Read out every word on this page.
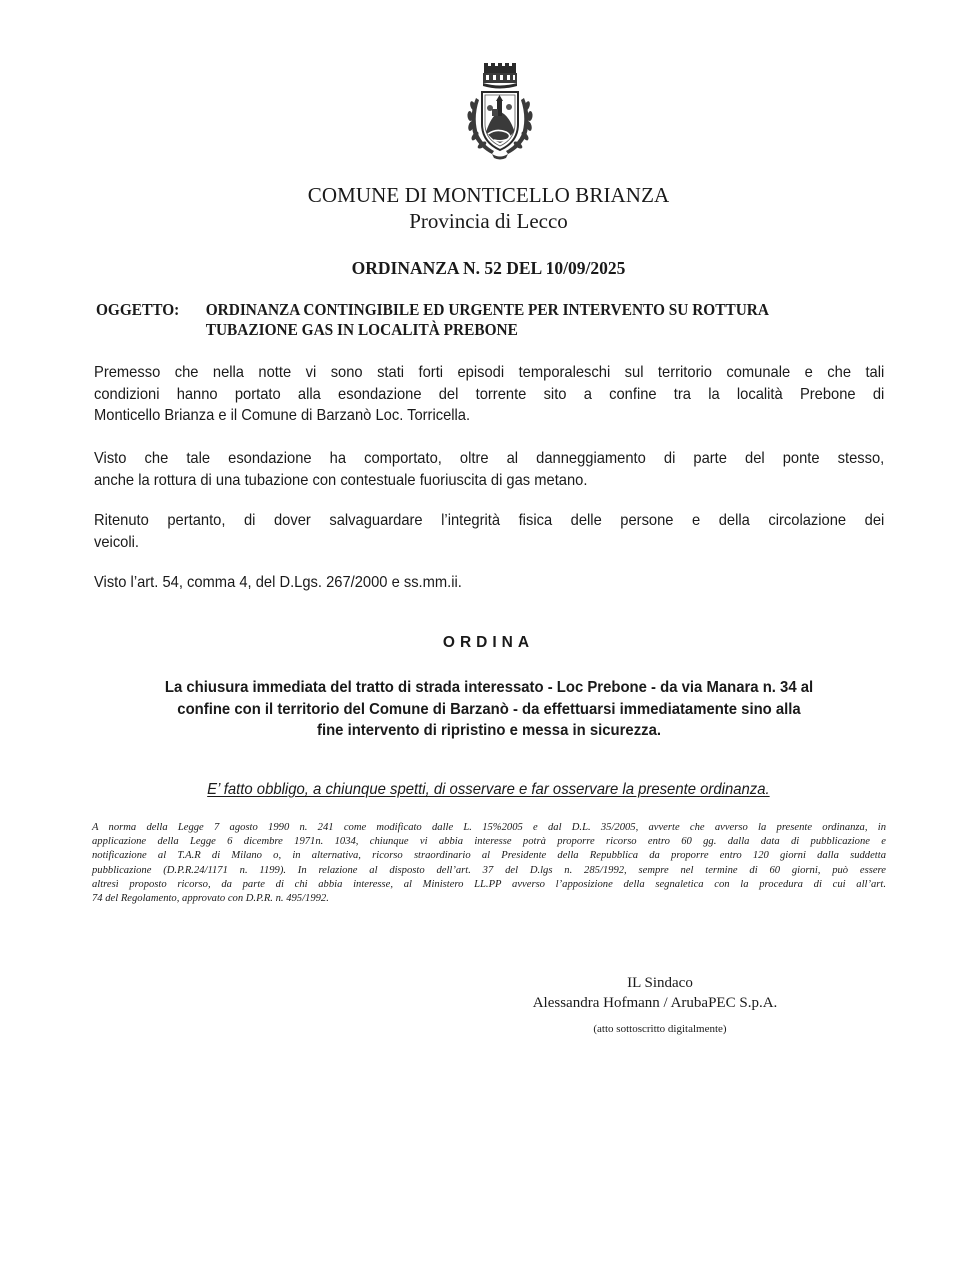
COMUNE DI MONTICELLO BRIANZA
Provincia di Lecco
ORDINANZA N. 52 DEL 10/09/2025
OGGETTO: ORDINANZA CONTINGIBILE ED URGENTE PER INTERVENTO SU ROTTURA
TUBAZIONE GAS IN LOCALITÀ PREBONE
Premesso che nella notte vi sono stati forti episodi temporaleschi sul territorio comunale e che tali
condizioni hanno portato alla esondazione del torrente sito a confine tra la località Prebone di
Monticello Brianza e il Comune di Barzanò Loc. Torricella.
Visto che tale esondazione ha comportato, oltre al danneggiamento di parte del ponte stesso,
anche la rottura di una tubazione con contestuale fuoriuscita di gas metano.
Ritenuto pertanto, di dover salvaguardare l’integrità fisica delle persone e della circolazione dei
veicoli.
Visto l’art. 54, comma 4, del D.Lgs. 267/2000 e ss.mm.ii.
ORDINA
La chiusura immediata del tratto di strada interessato - Loc Prebone - da via Manara n. 34 al
confine con il territorio del Comune di Barzanò - da effettuarsi immediatamente sino alla
fine intervento di ripristino e messa in sicurezza.
E’ fatto obbligo, a chiunque spetti, di osservare e far osservare la presente ordinanza.
A norma della Legge 7 agosto 1990 n. 241 come modificato dalle L. 15%2005 e dal D.L. 35/2005, avverte che avverso la presente ordinanza, in
applicazione della Legge 6 dicembre 1971n. 1034, chiunque vi abbia interesse potrà proporre ricorso entro 60 gg. dalla data di pubblicazione e
notificazione al T.A.R di Milano o, in alternativa, ricorso straordinario al Presidente della Repubblica da proporre entro 120 giorni dalla suddetta
pubblicazione (D.P.R.24/1171 n. 1199). In relazione al disposto dell’art. 37 del D.lgs n. 285/1992, sempre nel termine di 60 giorni, può essere
altresì proposto ricorso, da parte di chi abbia interesse, al Ministero LL.PP avverso l’apposizione della segnaletica con la procedura di cui all’art.
74 del Regolamento, approvato con D.P.R. n. 495/1992.
IL Sindaco
Alessandra Hofmann / ArubaPEC S.p.A.
(atto sottoscritto digitalmente)
